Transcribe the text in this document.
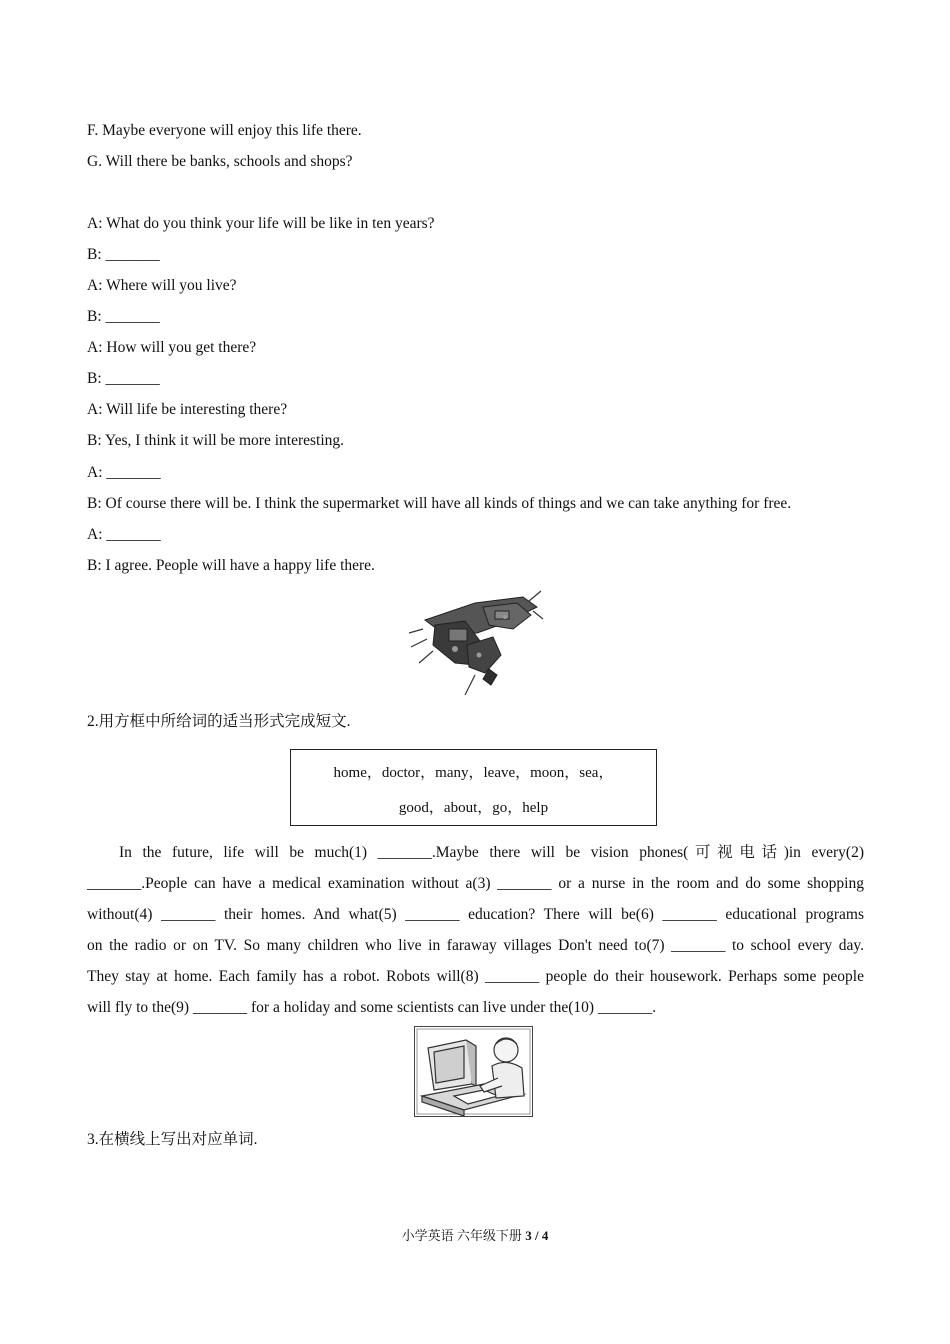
F. Maybe everyone will enjoy this life there.
G. Will there be banks, schools and shops?
A: What do you think your life will be like in ten years?
B: _______
A: Where will you live?
B: _______
A: How will you get there?
B: _______
A: Will life be interesting there?
B: Yes, I think it will be more interesting.
A: _______
B: Of course there will be. I think the supermarket will have all kinds of things and we can take anything for free.
A: _______
B: I agree. People will have a happy life there.
2.用方框中所给词的适当形式完成短文.
home，doctor，many，leave，moon，sea，
good，about，go，help
In the future, life will be much(1) _______.Maybe there will be vision phones(可视电话)in every(2)
_______.People can have a medical examination without a(3) _______ or a nurse in the room and do some shopping
without(4) _______ their homes. And what(5) _______ education? There will be(6) _______ educational programs
on the radio or on TV. So many children who live in faraway villages Don't need to(7) _______ to school every day.
They stay at home. Each family has a robot. Robots will(8) _______ people do their housework. Perhaps some people
will fly to the(9) _______ for a holiday and some scientists can live under the(10) _______.
3.在横线上写出对应单词.
小学英语 六年级下册 3 / 4
